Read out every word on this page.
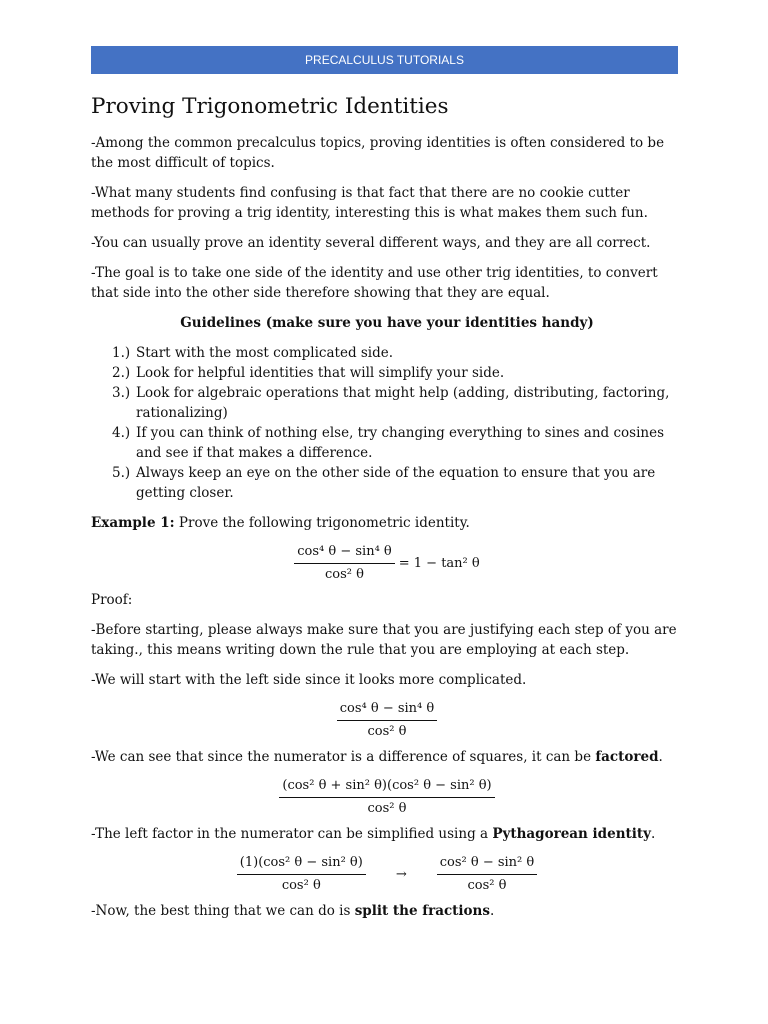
PRECALCULUS TUTORIALS
Proving Trigonometric Identities

-Among the common precalculus topics, proving identities is often considered to be the most difficult of topics.

-What many students find confusing is that fact that there are no cookie cutter methods for proving a trig identity, interesting this is what makes them such fun.

-You can usually prove an identity several different ways, and they are all correct.

-The goal is to take one side of the identity and use other trig identities, to convert that side into the other side therefore showing that they are equal.

Guidelines (make sure you have your identities handy)

1.) Start with the most complicated side.
2.) Look for helpful identities that will simplify your side.
3.) Look for algebraic operations that might help (adding, distributing, factoring, rationalizing)
4.) If you can think of nothing else, try changing everything to sines and cosines and see if that makes a difference.
5.) Always keep an eye on the other side of the equation to ensure that you are getting closer.

Example 1: Prove the following trigonometric identity.

$\frac{\text{cos⁴ θ − sin⁴ θ}}{\text{cos² θ}} = 1 - \tan^2$ θ

Proof:

-Before starting, please always make sure that you are justifying each step of you are taking., this means writing down the rule that you are employing at each step.

-We will start with the left side since it looks more complicated.

$\frac{\text{cos⁴ θ − sin⁴ θ}}{\text{cos² θ}}$

-We can see that since the numerator is a difference of squares, it can be factored.

$\frac{\text{(cos² θ + sin² θ)(cos² θ − sin² θ)}}{\text{cos² θ}}$

-The left factor in the numerator can be simplified using a Pythagorean identity.

$\frac{\text{(1)(cos² θ − sin² θ)}}{\text{cos² θ}} \to \frac{\text{cos² θ − sin² θ}}{\text{cos² θ}}$

-Now, the best thing that we can do is split the fractions.
